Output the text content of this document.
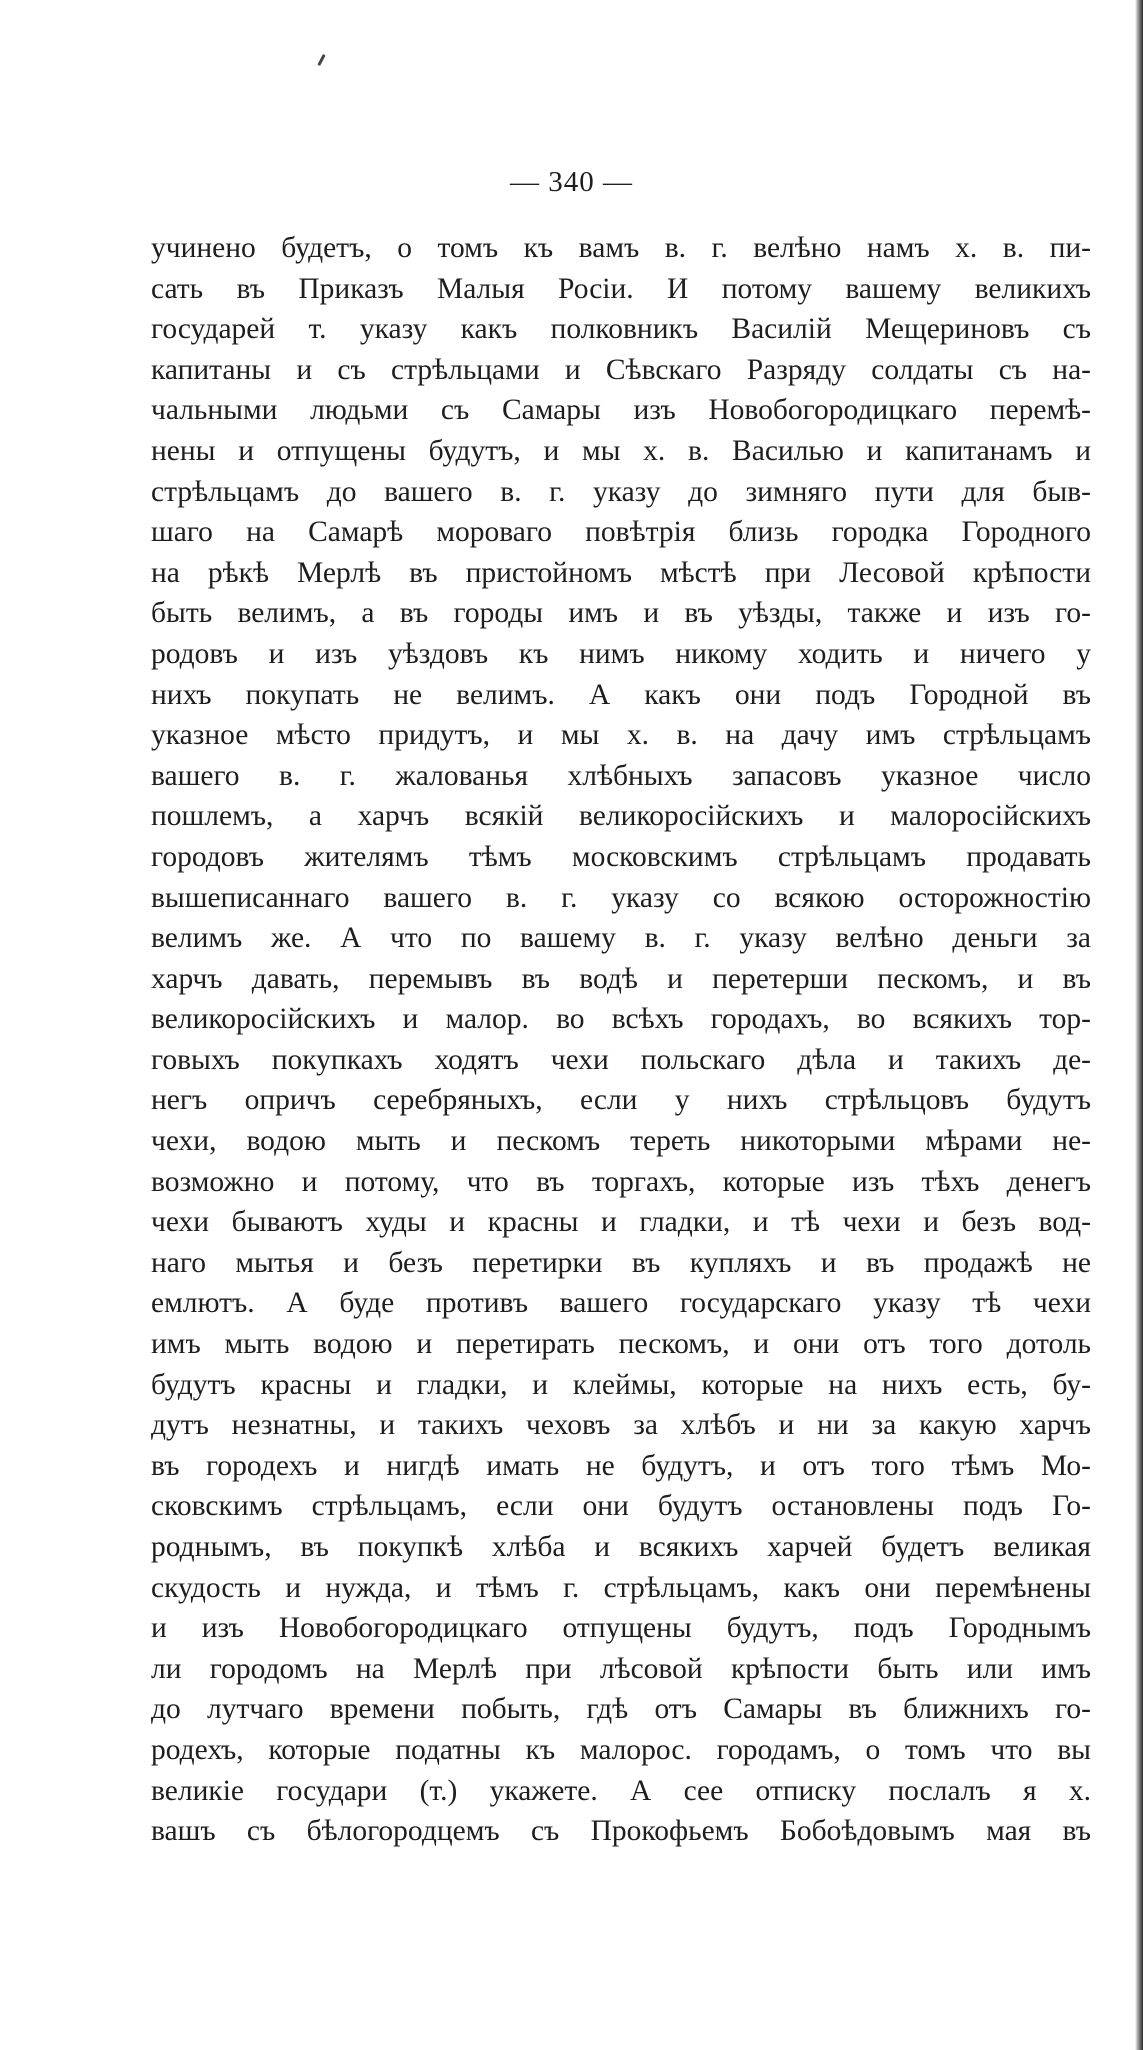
— 340 —
учинено будетъ, о томъ къ вамъ в. г. велѣно намъ х. в. пи-
сать въ Приказъ Малыя Росіи. И потому вашему великихъ
государей т. указу какъ полковникъ Василій Мещериновъ съ
капитаны и съ стрѣльцами и Сѣвскаго Разряду солдаты съ на-
чальными людьми съ Самары изъ Новобогородицкаго перемѣ-
нены и отпущены будутъ, и мы х. в. Василью и капитанамъ и
стрѣльцамъ до вашего в. г. указу до зимняго пути для быв-
шаго на Самарѣ мороваго повѣтрія близь городка Городного
на рѣкѣ Мерлѣ въ пристойномъ мѣстѣ при Лесовой крѣпости
быть велимъ, а въ городы имъ и въ уѣзды, также и изъ го-
родовъ и изъ уѣздовъ къ нимъ никому ходить и ничего у
нихъ покупать не велимъ. А какъ они подъ Городной въ
указное мѣсто придутъ, и мы х. в. на дачу имъ стрѣльцамъ
вашего в. г. жалованья хлѣбныхъ запасовъ указное число
пошлемъ, а харчъ всякій великоросійскихъ и малоросійскихъ
городовъ жителямъ тѣмъ московскимъ стрѣльцамъ продавать
вышеписаннаго вашего в. г. указу со всякою осторожностію
велимъ же. А что по вашему в. г. указу велѣно деньги за
харчъ давать, перемывъ въ водѣ и перетерши пескомъ, и въ
великоросійскихъ и малор. во всѣхъ городахъ, во всякихъ тор-
говыхъ покупкахъ ходятъ чехи польскаго дѣла и такихъ де-
негъ опричъ серебряныхъ, если у нихъ стрѣльцовъ будутъ
чехи, водою мыть и пескомъ тереть никоторыми мѣрами не-
возможно и потому, что въ торгахъ, которые изъ тѣхъ денегъ
чехи бываютъ худы и красны и гладки, и тѣ чехи и безъ вод-
наго мытья и безъ перетирки въ купляхъ и въ продажѣ не
емлютъ. А буде противъ вашего государскаго указу тѣ чехи
имъ мыть водою и перетирать пескомъ, и они отъ того дотоль
будутъ красны и гладки, и клеймы, которые на нихъ есть, бу-
дутъ незнатны, и такихъ чеховъ за хлѣбъ и ни за какую харчъ
въ городехъ и нигдѣ имать не будутъ, и отъ того тѣмъ Мо-
сковскимъ стрѣльцамъ, если они будутъ остановлены подъ Го-
роднымъ, въ покупкѣ хлѣба и всякихъ харчей будетъ великая
скудость и нужда, и тѣмъ г. стрѣльцамъ, какъ они перемѣнены
и изъ Новобогородицкаго отпущены будутъ, подъ Городнымъ
ли городомъ на Мерлѣ при лѣсовой крѣпости быть или имъ
до лутчаго времени побыть, гдѣ отъ Самары въ ближнихъ го-
родехъ, которые податны къ малорос. городамъ, о томъ что вы
великіе государи (т.) укажете. А сее отписку послалъ я х.
вашъ съ бѣлогородцемъ съ Прокофьемъ Бобоѣдовымъ мая въ
